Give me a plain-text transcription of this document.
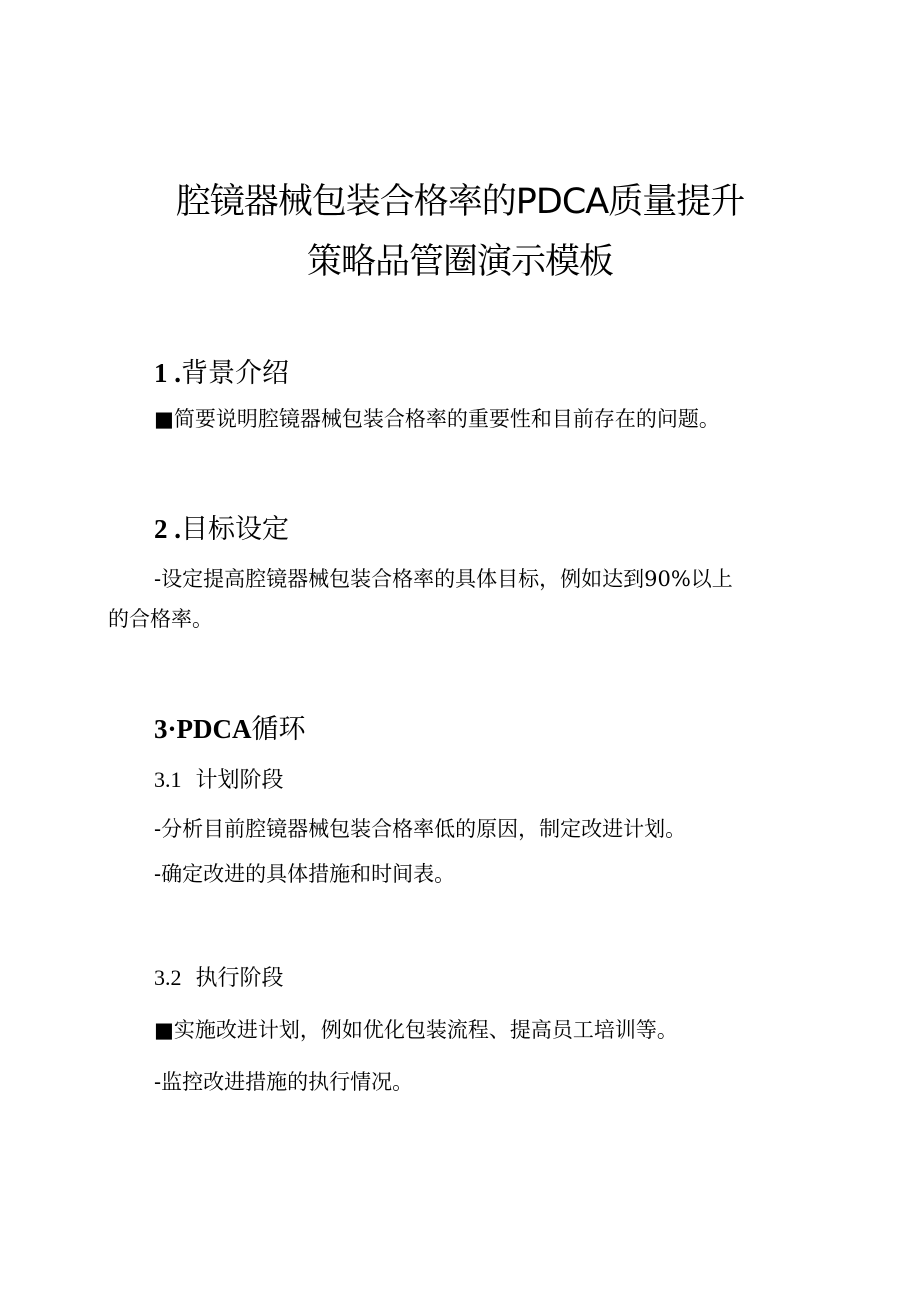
腔镜器械包装合格率的PDCA质量提升
策略品管圈演示模板
1 .背景介绍
■简要说明腔镜器械包装合格率的重要性和目前存在的问题。
2 .目标设定
-设定提高腔镜器械包装合格率的具体目标，例如达到90%以上
的合格率。
3·PDCA循环
3.1 计划阶段
-分析目前腔镜器械包装合格率低的原因，制定改进计划。
-确定改进的具体措施和时间表。
3.2 执行阶段
■实施改进计划，例如优化包装流程、提高员工培训等。
-监控改进措施的执行情况。
